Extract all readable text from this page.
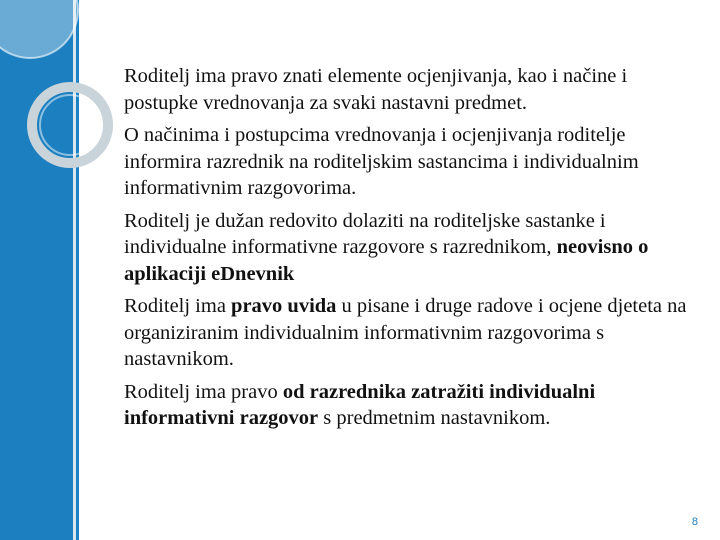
Roditelj ima pravo znati elemente ocjenjivanja, kao i načine i postupke vrednovanja za svaki nastavni predmet.

O načinima i postupcima vrednovanja i ocjenjivanja roditelje informira razrednik na roditeljskim sastancima i individualnim informativnim razgovorima.

Roditelj je dužan redovito dolaziti na roditeljske sastanke i individualne informativne razgovore s razrednikom, neovisno o aplikaciji eDnevnik

Roditelj ima pravo uvida u pisane i druge radove i ocjene djeteta na organiziranim individualnim informativnim razgovorima s nastavnikom.

Roditelj ima pravo od razrednika zatražiti individualni informativni razgovor s predmetnim nastavnikom.

8
